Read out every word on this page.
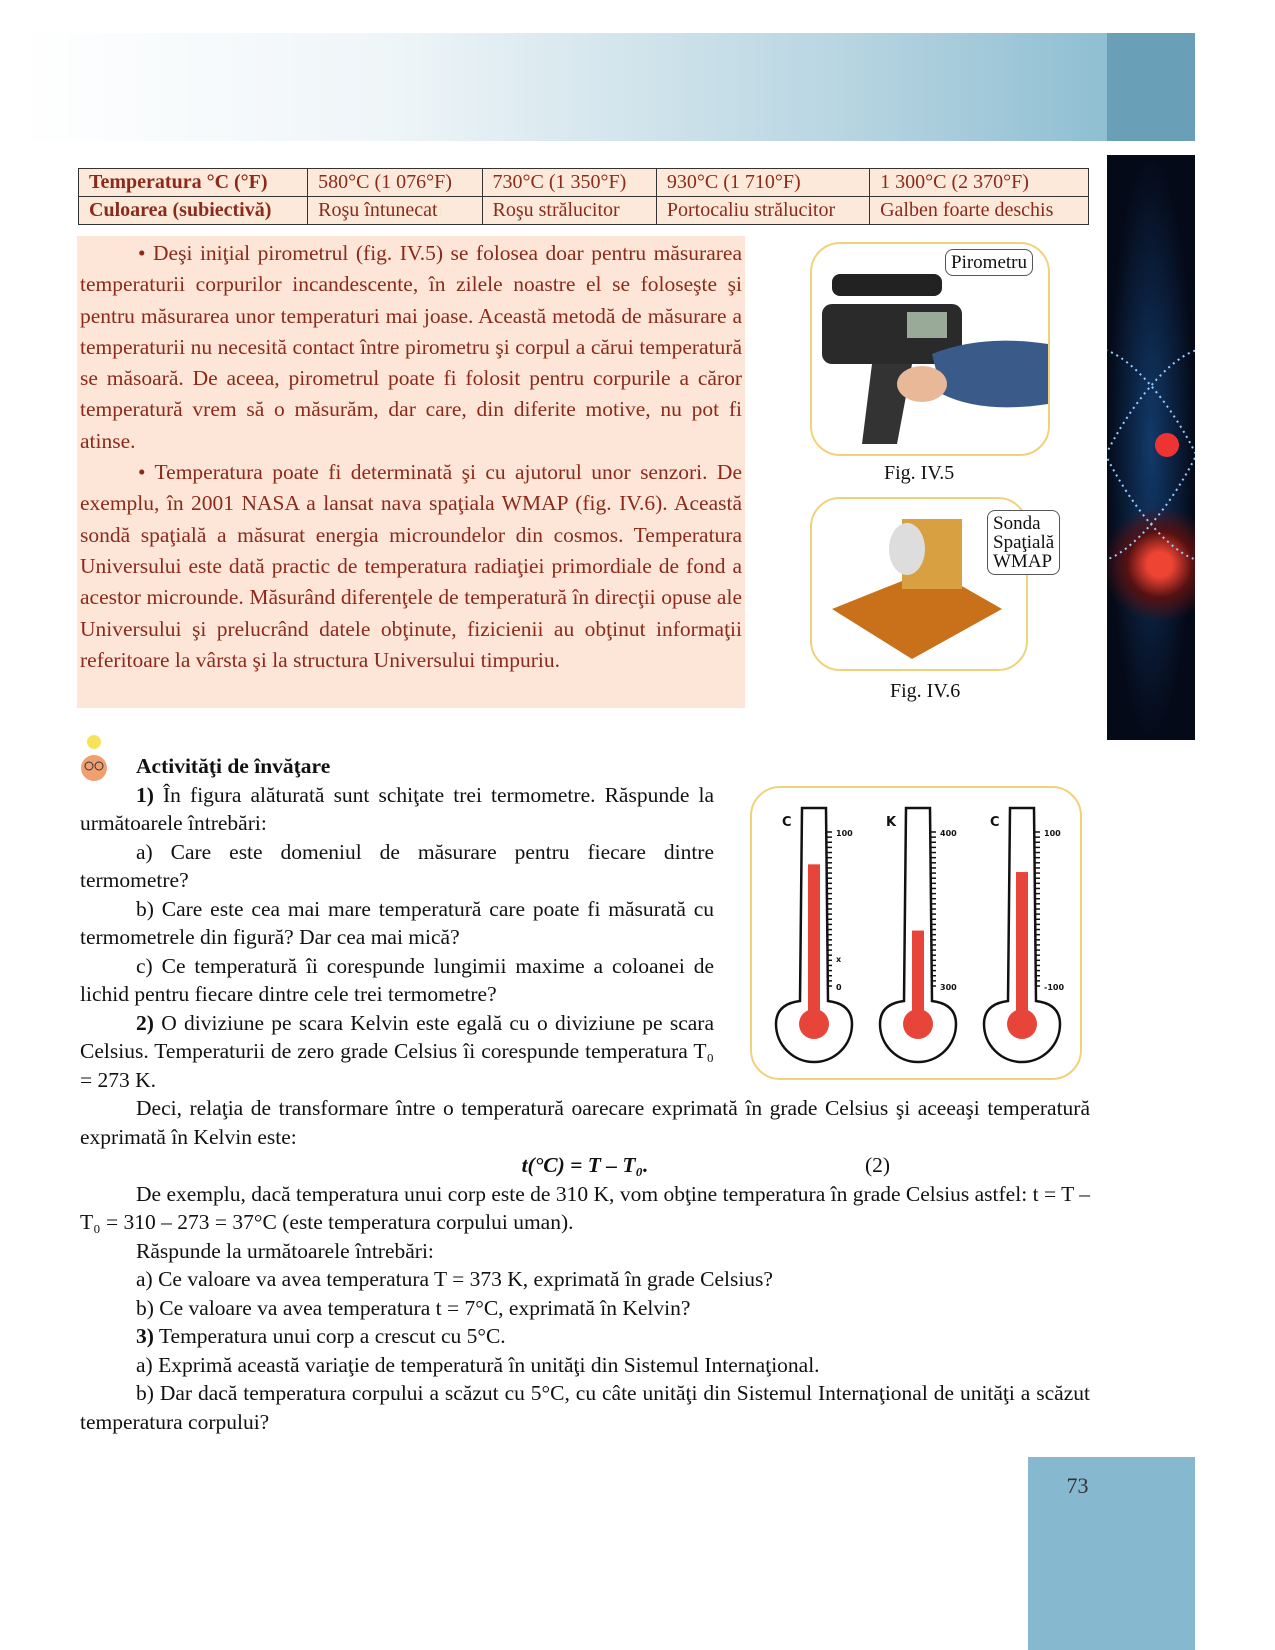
Temperatura °C (°F)	580°C (1 076°F)	730°C (1 350°F)	930°C (1 710°F)	1 300°C (2 370°F)
Culoarea (subiectivă)	Roşu întunecat	Roşu strălucitor	Portocaliu strălucitor	Galben foarte deschis

• Deşi iniţial pirometrul (fig. IV.5) se folosea doar pentru măsurarea temperaturii corpurilor incandescente, în zilele noastre el se foloseşte şi pentru măsurarea unor temperaturi mai joase. Această metodă de măsurare a temperaturii nu necesită contact între pirometru şi corpul a cărui temperatură se măsoară. De aceea, pirometrul poate fi folosit pentru corpurile a căror temperatură vrem să o măsurăm, dar care, din diferite motive, nu pot fi atinse.

• Temperatura poate fi determinată şi cu ajutorul unor senzori. De exemplu, în 2001 NASA a lansat nava spaţiala WMAP (fig. IV.6). Această sondă spaţială a măsurat energia microundelor din cosmos. Temperatura Universului este dată practic de temperatura radiaţiei primordiale de fond a acestor microunde. Măsurând diferenţele de temperatură în direcţii opuse ale Universului şi prelucrând datele obţinute, fizicienii au obţinut informaţii referitoare la vârsta şi la structura Universului timpuriu.

Pirometru
Fig. IV.5
Sonda
Spaţială
WMAP
Fig. IV.6
C
100
0
x
K
400
300
C
100
-100

Activităţi de învăţare

1) În figura alăturată sunt schiţate trei termometre. Răspunde la următoarele întrebări:

a) Care este domeniul de măsurare pentru fiecare dintre termometre?

b) Care este cea mai mare temperatură care poate fi măsurată cu termometrele din figură? Dar cea mai mică?

c) Ce temperatură îi corespunde lungimii maxime a coloanei de lichid pentru fiecare dintre cele trei termometre?

2) O diviziune pe scara Kelvin este egală cu o diviziune pe scara Celsius. Temperaturii de zero grade Celsius îi corespunde temperatura T₀ = 273 K.

Deci, relaţia de transformare între o temperatură oarecare exprimată în grade Celsius şi aceeaşi temperatură exprimată în Kelvin este:

t(°C) = T – T₀.	(2)

De exemplu, dacă temperatura unui corp este de 310 K, vom obţine temperatura în grade Celsius astfel: t = T – T₀ = 310 – 273 = 37°C (este temperatura corpului uman).

Răspunde la următoarele întrebări:

a) Ce valoare va avea temperatura T = 373 K, exprimată în grade Celsius?

b) Ce valoare va avea temperatura t = 7°C, exprimată în Kelvin?

3) Temperatura unui corp a crescut cu 5°C.

a) Exprimă această variaţie de temperatură în unităţi din Sistemul Internaţional.

b) Dar dacă temperatura corpului a scăzut cu 5°C, cu câte unităţi din Sistemul Internaţional de unităţi a scăzut temperatura corpului?

73
